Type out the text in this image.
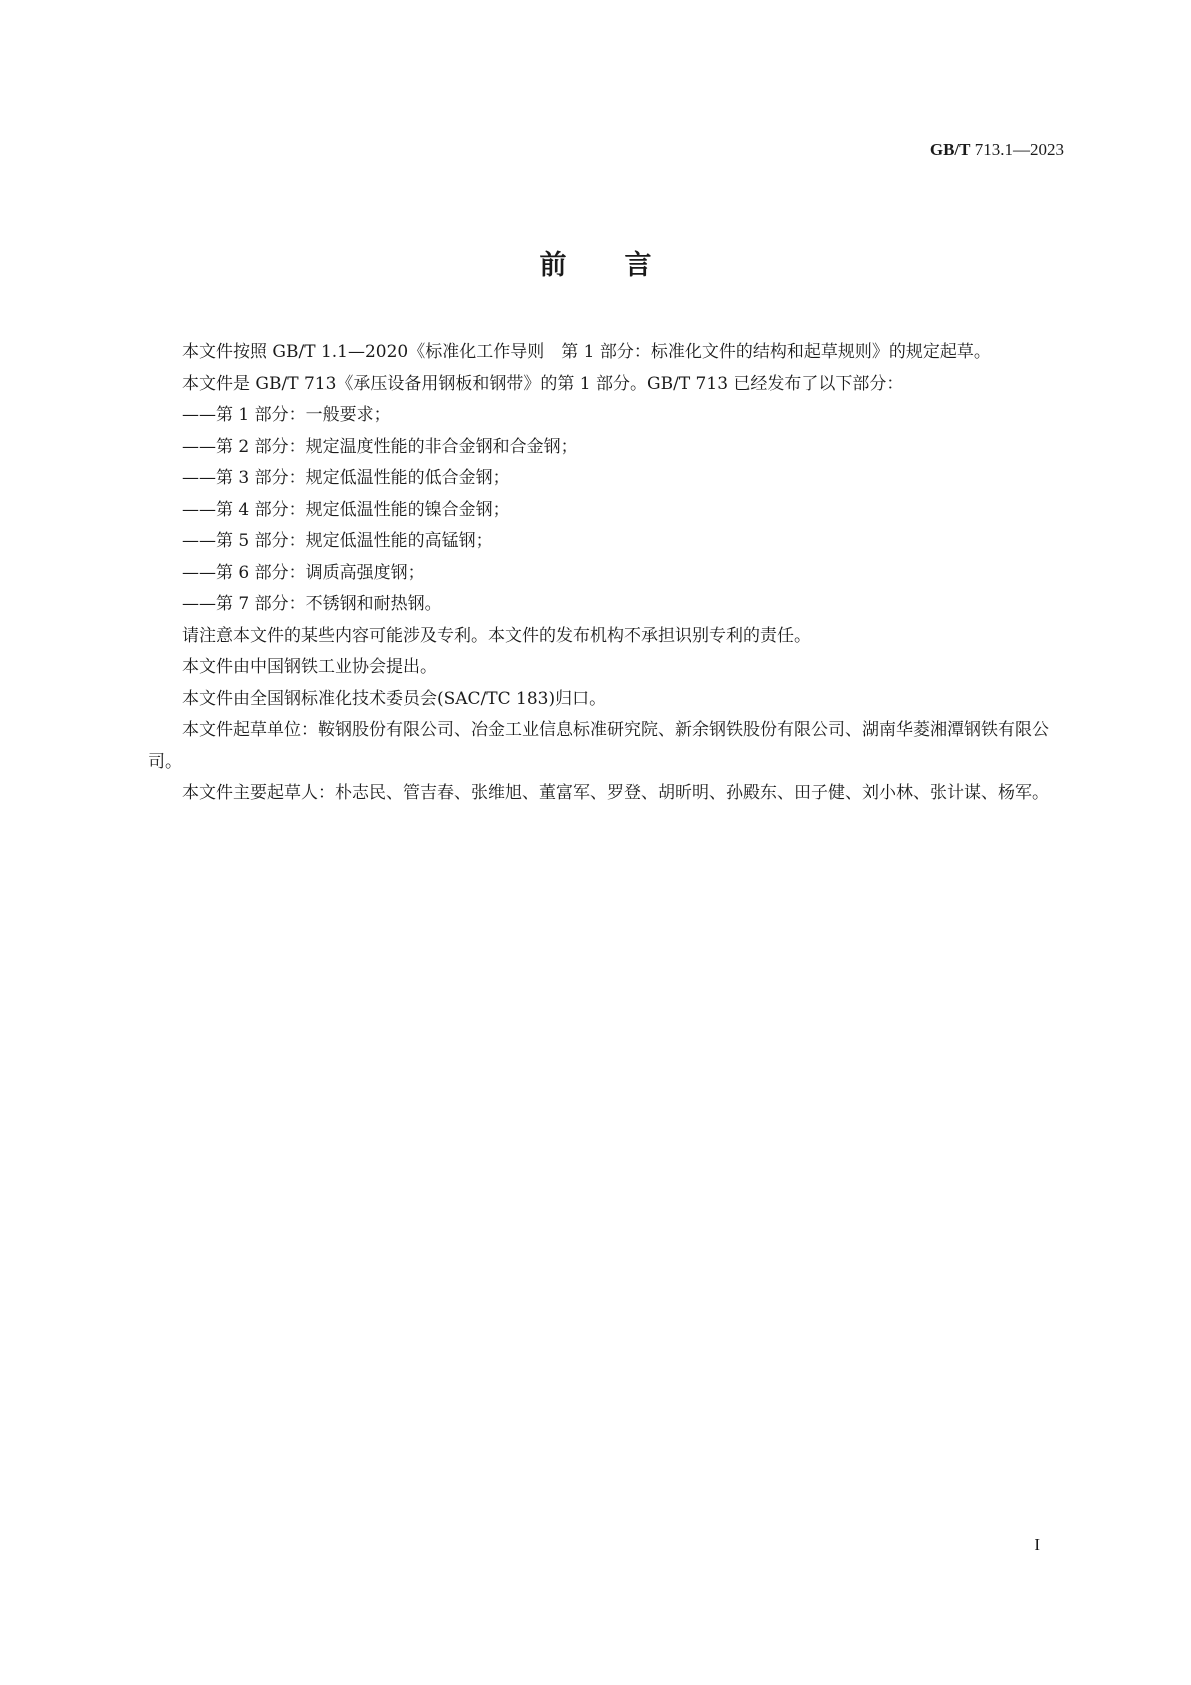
GB/T 713.1—2023
前言

本文件按照 GB/T 1.1—2020《标准化工作导则　第 1 部分：标准化文件的结构和起草规则》的规定起草。

本文件是 GB/T 713《承压设备用钢板和钢带》的第 1 部分。GB/T 713 已经发布了以下部分：

——第 1 部分：一般要求；

——第 2 部分：规定温度性能的非合金钢和合金钢；

——第 3 部分：规定低温性能的低合金钢；

——第 4 部分：规定低温性能的镍合金钢；

——第 5 部分：规定低温性能的高锰钢；

——第 6 部分：调质高强度钢；

——第 7 部分：不锈钢和耐热钢。

请注意本文件的某些内容可能涉及专利。本文件的发布机构不承担识别专利的责任。

本文件由中国钢铁工业协会提出。

本文件由全国钢标准化技术委员会(SAC/TC 183)归口。

本文件起草单位：鞍钢股份有限公司、冶金工业信息标准研究院、新余钢铁股份有限公司、湖南华菱湘潭钢铁有限公司。

本文件主要起草人：朴志民、管吉春、张维旭、董富军、罗登、胡昕明、孙殿东、田子健、刘小林、张计谋、杨军。

I
